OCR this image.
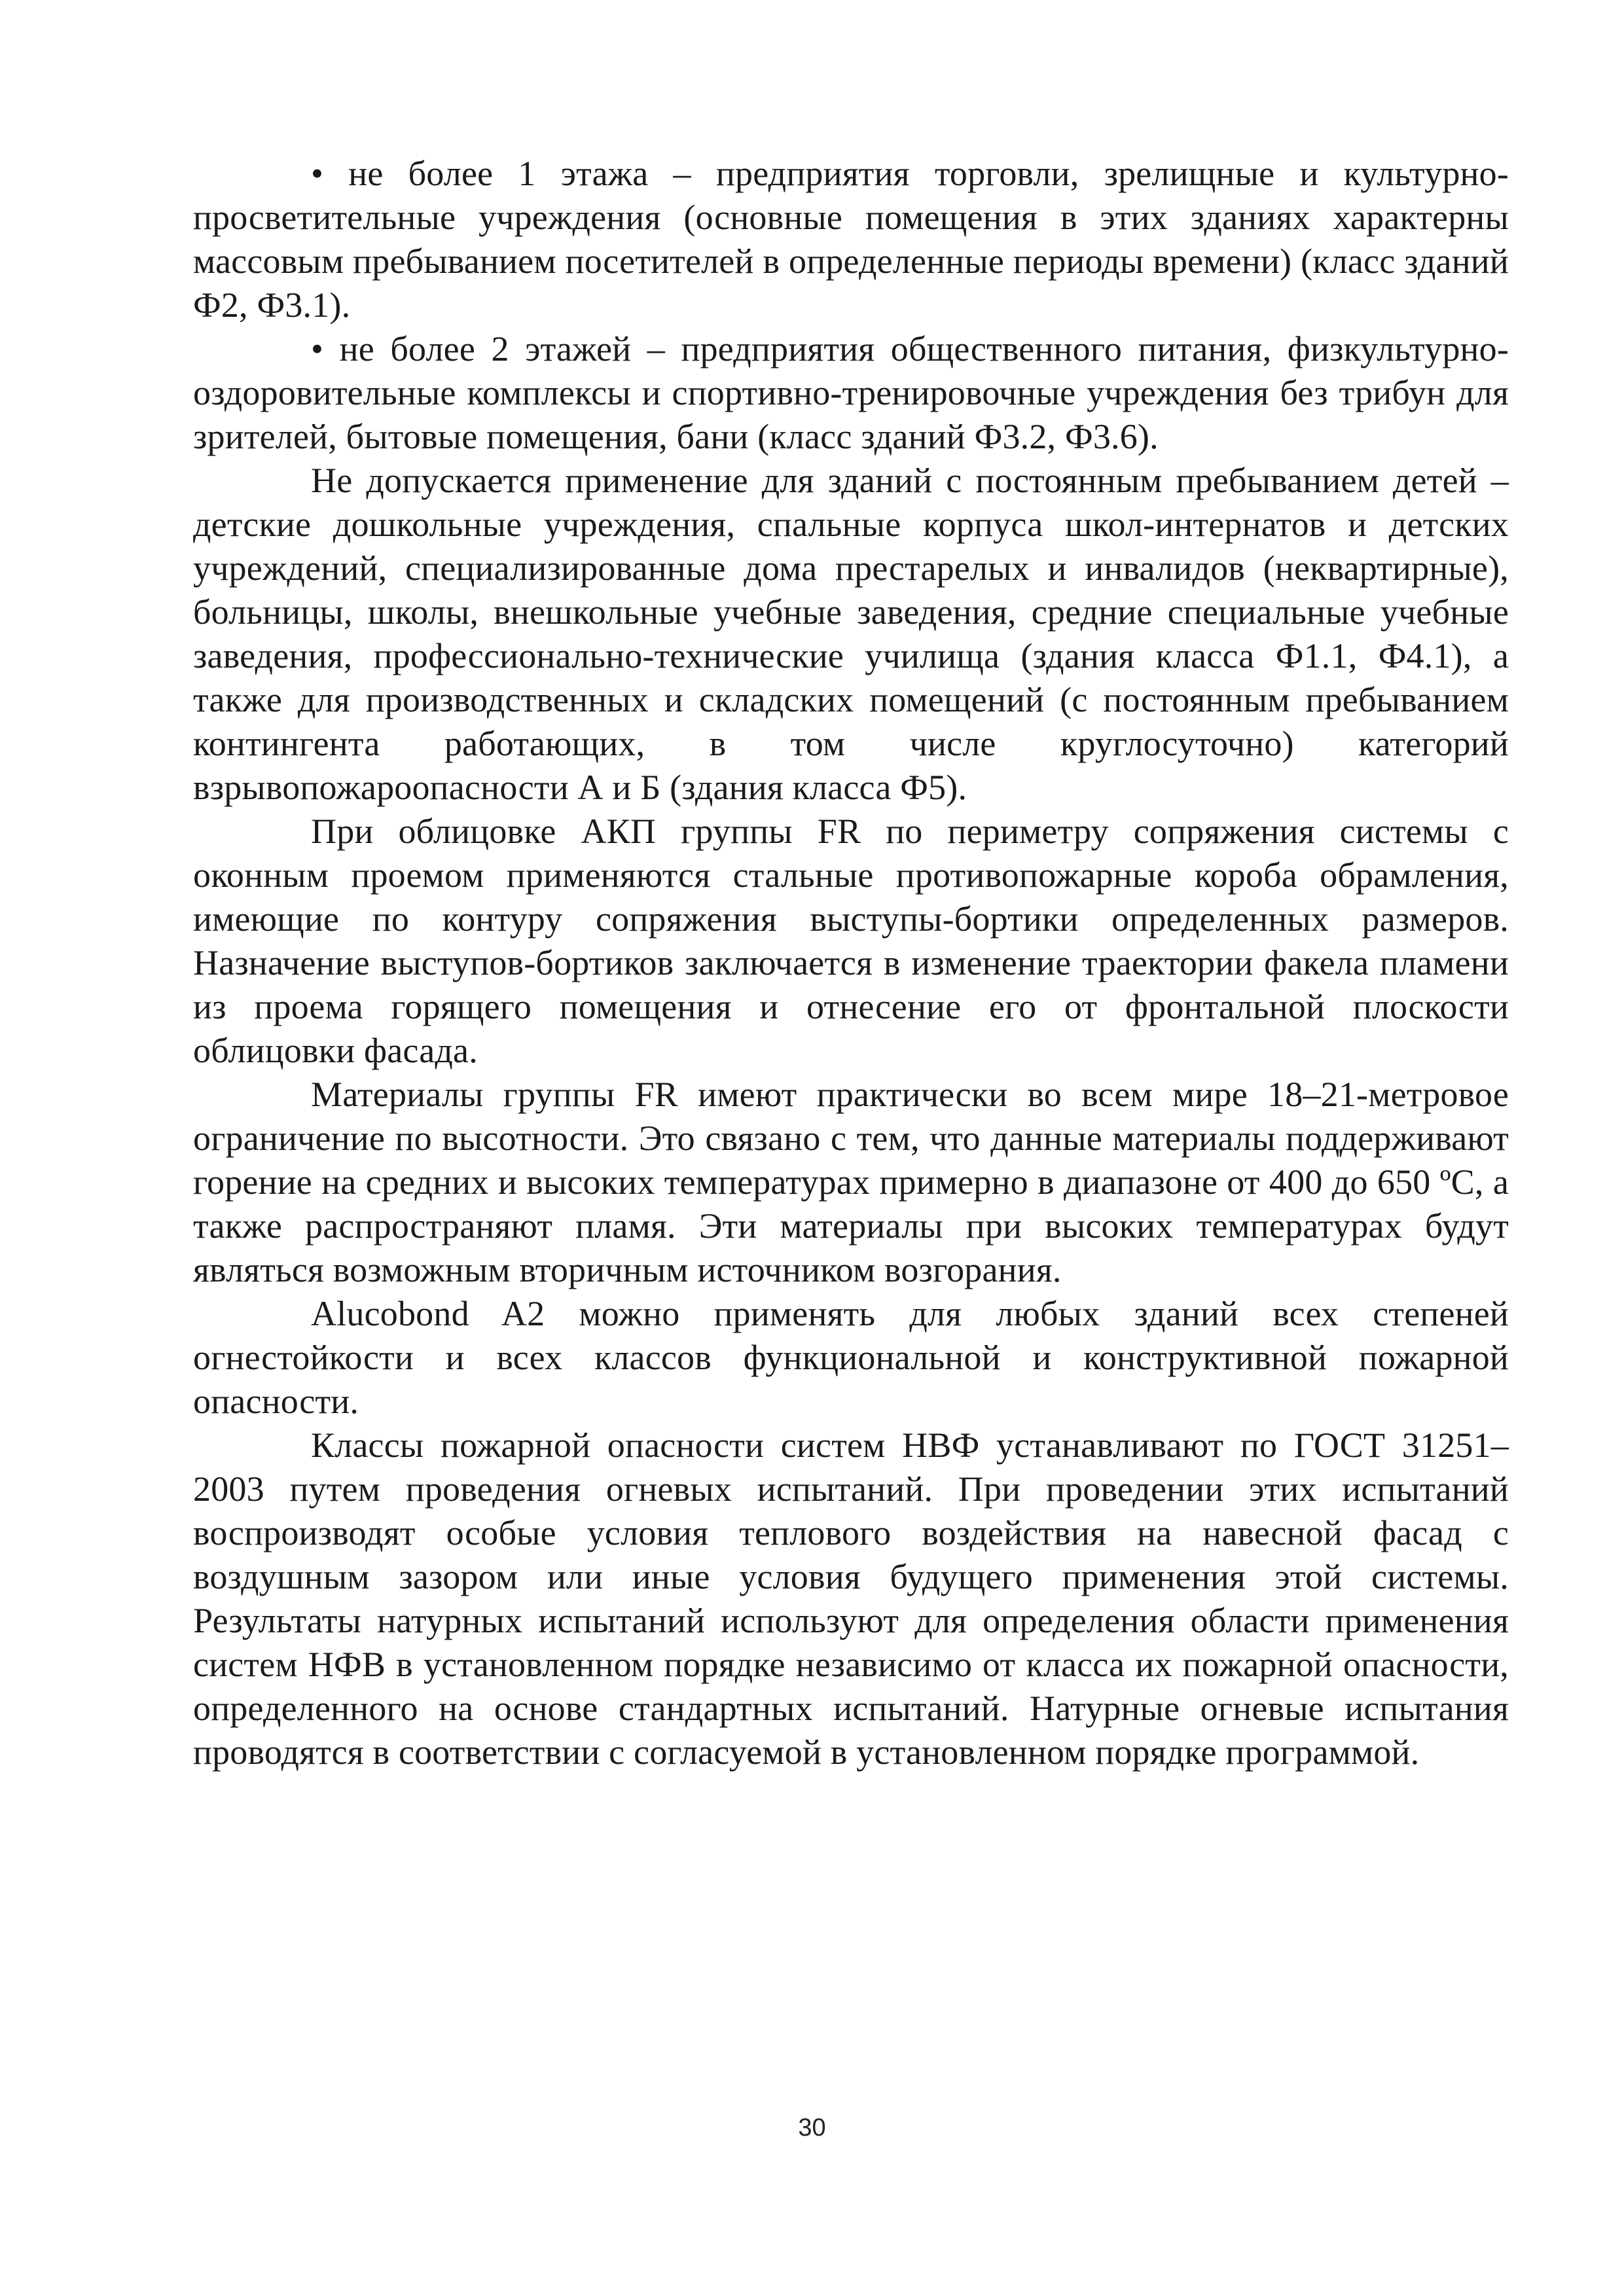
• не более 1 этажа – предприятия торговли, зрелищные и культурно-просветительные учреждения (основные помещения в этих зданиях характерны массовым пребыванием посетителей в определенные периоды времени) (класс зданий Ф2, Ф3.1).

• не более 2 этажей – предприятия общественного питания, физкультурно-оздоровительные комплексы и спортивно-тренировочные учреждения без трибун для зрителей, бытовые помещения, бани (класс зданий Ф3.2, Ф3.6).

Не допускается применение для зданий с постоянным пребыванием детей – детские дошкольные учреждения, спальные корпуса школ-интернатов и детских учреждений, специализированные дома престарелых и инвалидов (неквартирные), больницы, школы, внешкольные учебные заведения, средние специальные учебные заведения, профессионально-технические училища (здания класса Ф1.1, Ф4.1), а также для производственных и складских помещений (с постоянным пребыванием контингента работающих, в том числе круглосуточно) категорий взрывопожароопасности А и Б (здания класса Ф5).

При облицовке АКП группы FR по периметру сопряжения системы с оконным проемом применяются стальные противопожарные короба обрамления, имеющие по контуру сопряжения выступы-бортики определенных размеров. Назначение выступов-бортиков заключается в изменение траектории факела пламени из проема горящего помещения и отнесение его от фронтальной плоскости облицовки фасада.

Материалы группы FR имеют практически во всем мире 18–21-метровое ограничение по высотности. Это связано с тем, что данные материалы поддерживают горение на средних и высоких температурах примерно в диапазоне от 400 до 650 ºС, а также распространяют пламя. Эти материалы при высоких температурах будут являться возможным вторичным источником возгорания.

Alucobond A2 можно применять для любых зданий всех степеней огнестойкости и всех классов функциональной и конструктивной пожарной опасности.

Классы пожарной опасности систем НВФ устанавливают по ГОСТ 31251–2003 путем проведения огневых испытаний. При проведении этих испытаний воспроизводят особые условия теплового воздействия на навесной фасад с воздушным зазором или иные условия будущего применения этой системы. Результаты натурных испытаний используют для определения области применения систем НФВ в установленном порядке независимо от класса их пожарной опасности, определенного на основе стандартных испытаний. Натурные огневые испытания проводятся в соответствии с согласуемой в установленном порядке программой.

30
